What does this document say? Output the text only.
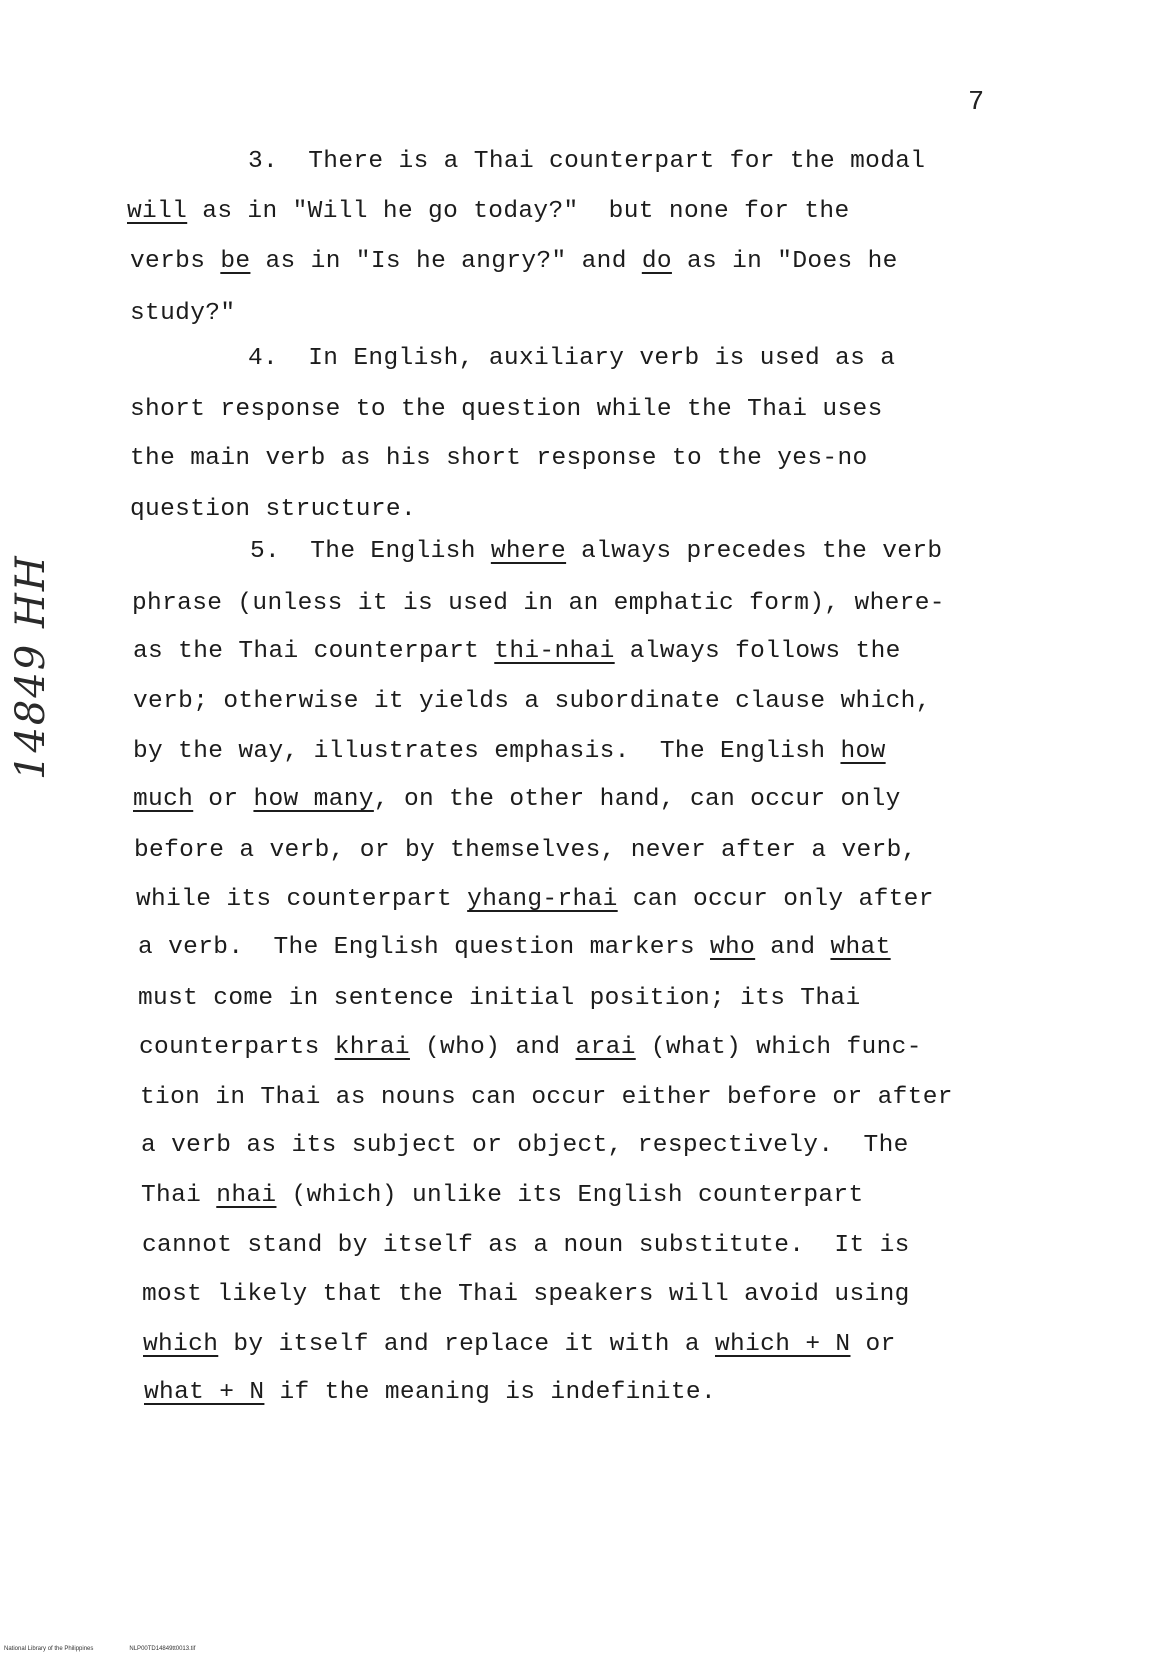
7
14849 HH
3.  There is a Thai counterpart for the modal
will as in "Will he go today?"  but none for the
verbs be as in "Is he angry?" and do as in "Does he
study?"
4.  In English, auxiliary verb is used as a
short response to the question while the Thai uses
the main verb as his short response to the yes-no
question structure.
5.  The English where always precedes the verb
phrase (unless it is used in an emphatic form), where-
as the Thai counterpart thi-nhai always follows the
verb; otherwise it yields a subordinate clause which,
by the way, illustrates emphasis.  The English how
much or how many, on the other hand, can occur only
before a verb, or by themselves, never after a verb,
while its counterpart yhang-rhai can occur only after
a verb.  The English question markers who and what
must come in sentence initial position; its Thai
counterparts khrai (who) and arai (what) which func-
tion in Thai as nouns can occur either before or after
a verb as its subject or object, respectively.  The
Thai nhai (which) unlike its English counterpart
cannot stand by itself as a noun substitute.  It is
most likely that the Thai speakers will avoid using
which by itself and replace it with a which + N or
what + N if the meaning is indefinite.
National Library of the Philippines	NLP00TD14849tt0013.tif
